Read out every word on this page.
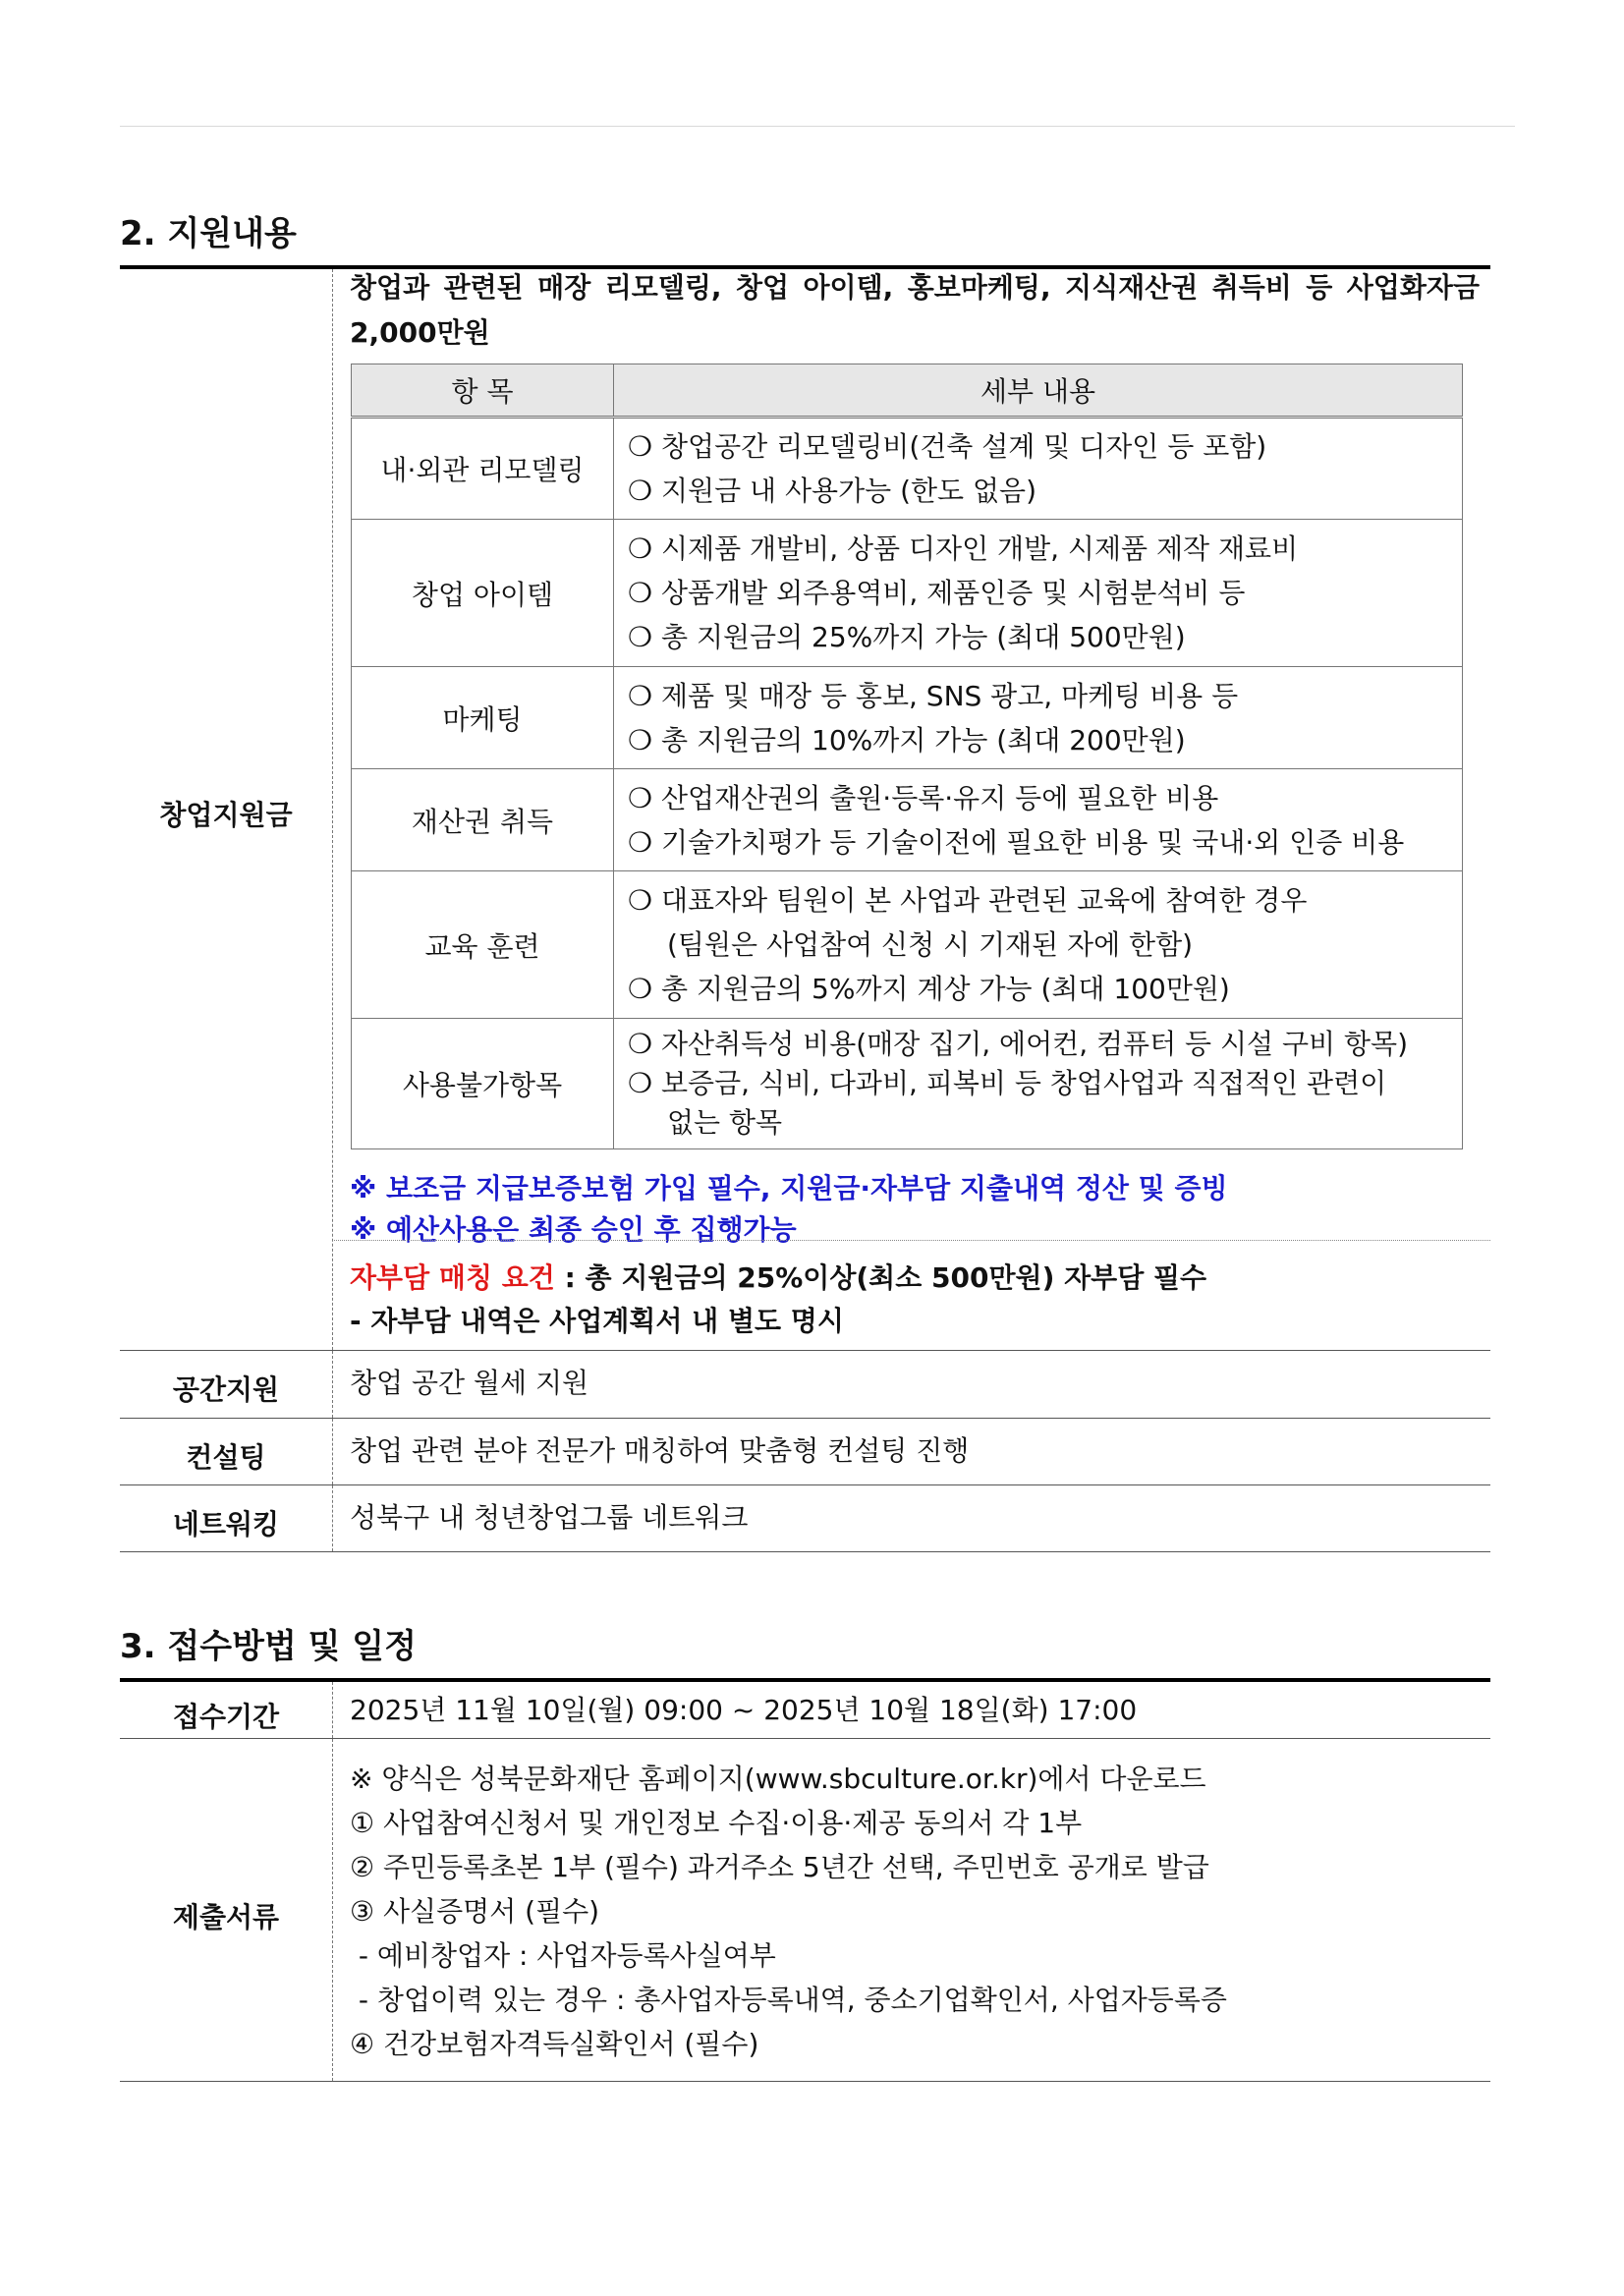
2. 지원내용
창업지원금
창업과 관련된 매장 리모델링, 창업 아이템, 홍보마케팅, 지식재산권 취득비 등 사업화자금
2,000만원
항 목	세부 내용
내·외관 리모델링	❍ 창업공간 리모델링비(건축 설계 및 디자인 등 포함)
❍ 지원금 내 사용가능 (한도 없음)

창업 아이템	❍ 시제품 개발비, 상품 디자인 개발, 시제품 제작 재료비
❍ 상품개발 외주용역비, 제품인증 및 시험분석비 등
❍ 총 지원금의 25%까지 가능 (최대 500만원)

마케팅	❍ 제품 및 매장 등 홍보, SNS 광고, 마케팅 비용 등
❍ 총 지원금의 10%까지 가능 (최대 200만원)

재산권 취득	❍ 산업재산권의 출원·등록·유지 등에 필요한 비용
❍ 기술가치평가 등 기술이전에 필요한 비용 및 국내·외 인증 비용

교육 훈련	❍ 대표자와 팀원이 본 사업과 관련된 교육에 참여한 경우
(팀원은 사업참여 신청 시 기재된 자에 한함)
❍ 총 지원금의 5%까지 계상 가능 (최대 100만원)

사용불가항목	❍ 자산취득성 비용(매장 집기, 에어컨, 컴퓨터 등 시설 구비 항목)
❍ 보증금, 식비, 다과비, 피복비 등 창업사업과 직접적인 관련이
없는 항목
※ 보조금 지급보증보험 가입 필수, 지원금·자부담 지출내역 정산 및 증빙
※ 예산사용은 최종 승인 후 집행가능
자부담 매칭 요건 : 총 지원금의 25%이상(최소 500만원) 자부담 필수
- 자부담 내역은 사업계획서 내 별도 명시
공간지원	창업 공간 월세 지원
컨설팅	창업 관련 분야 전문가 매칭하여 맞춤형 컨설팅 진행
네트워킹	성북구 내 청년창업그룹 네트워크
3. 접수방법 및 일정
접수기간	2025년 11월 10일(월) 09:00 ~ 2025년 10월 18일(화) 17:00
제출서류
※ 양식은 성북문화재단 홈페이지(www.sbculture.or.kr)에서 다운로드
① 사업참여신청서 및 개인정보 수집·이용·제공 동의서 각 1부
② 주민등록초본 1부 (필수) 과거주소 5년간 선택, 주민번호 공개로 발급
③ 사실증명서 (필수)
- 예비창업자 : 사업자등록사실여부
- 창업이력 있는 경우 : 총사업자등록내역, 중소기업확인서, 사업자등록증
④ 건강보험자격득실확인서 (필수)
